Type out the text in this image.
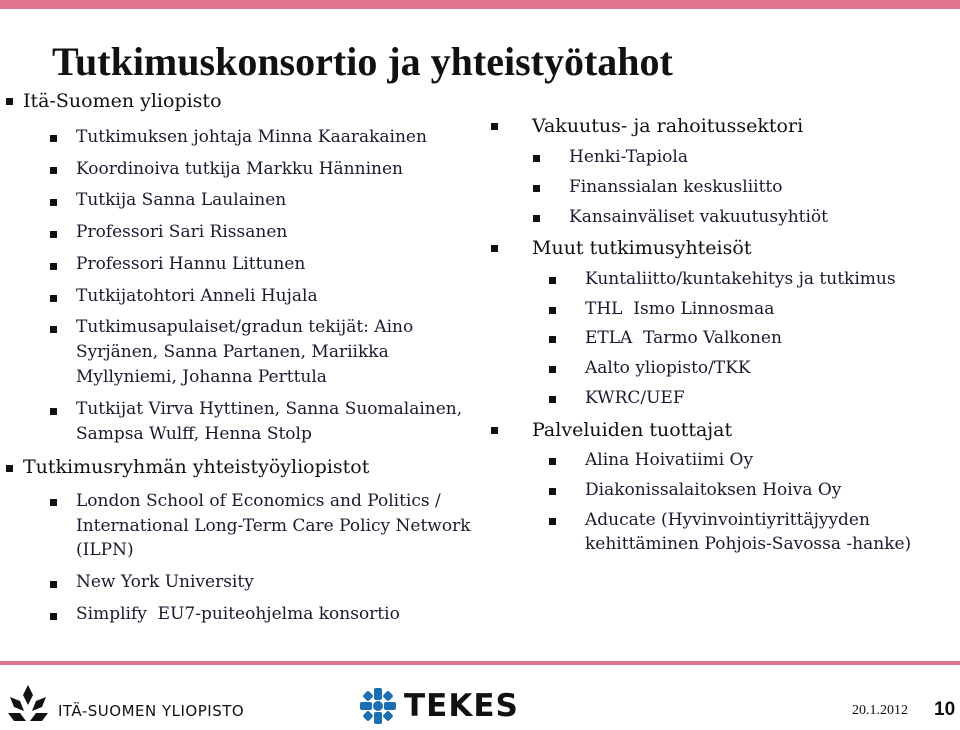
Tutkimuskonsortio ja yhteistyötahot
Itä-Suomen yliopisto
Tutkimuksen johtaja Minna Kaarakainen
Koordinoiva tutkija Markku Hänninen
Tutkija Sanna Laulainen
Professori Sari Rissanen
Professori Hannu Littunen
Tutkijatohtori Anneli Hujala
Tutkimusapulaiset/gradun tekijät: Aino
Syrjänen, Sanna Partanen, Mariikka
Myllyniemi, Johanna Perttula
Tutkijat Virva Hyttinen, Sanna Suomalainen,
Sampsa Wulff, Henna Stolp
Tutkimusryhmän yhteistyöyliopistot
London School of Economics and Politics /
International Long-Term Care Policy Network
(ILPN)
New York University
Simplify  EU7-puiteohjelma konsortio
Vakuutus- ja rahoitussektori
Henki-Tapiola
Finanssialan keskusliitto
Kansainväliset vakuutusyhtiöt
Muut tutkimusyhteisöt
Kuntaliitto/kuntakehitys ja tutkimus
THL  Ismo Linnosmaa
ETLA  Tarmo Valkonen
Aalto yliopisto/TKK
KWRC/UEF
Palveluiden tuottajat
Alina Hoivatiimi Oy
Diakonissalaitoksen Hoiva Oy
Aducate (Hyvinvointiyrittäjyyden
kehittäminen Pohjois-Savossa -hanke)
ITÄ-SUOMEN YLIOPISTO	TEKES	20.1.2012 10
